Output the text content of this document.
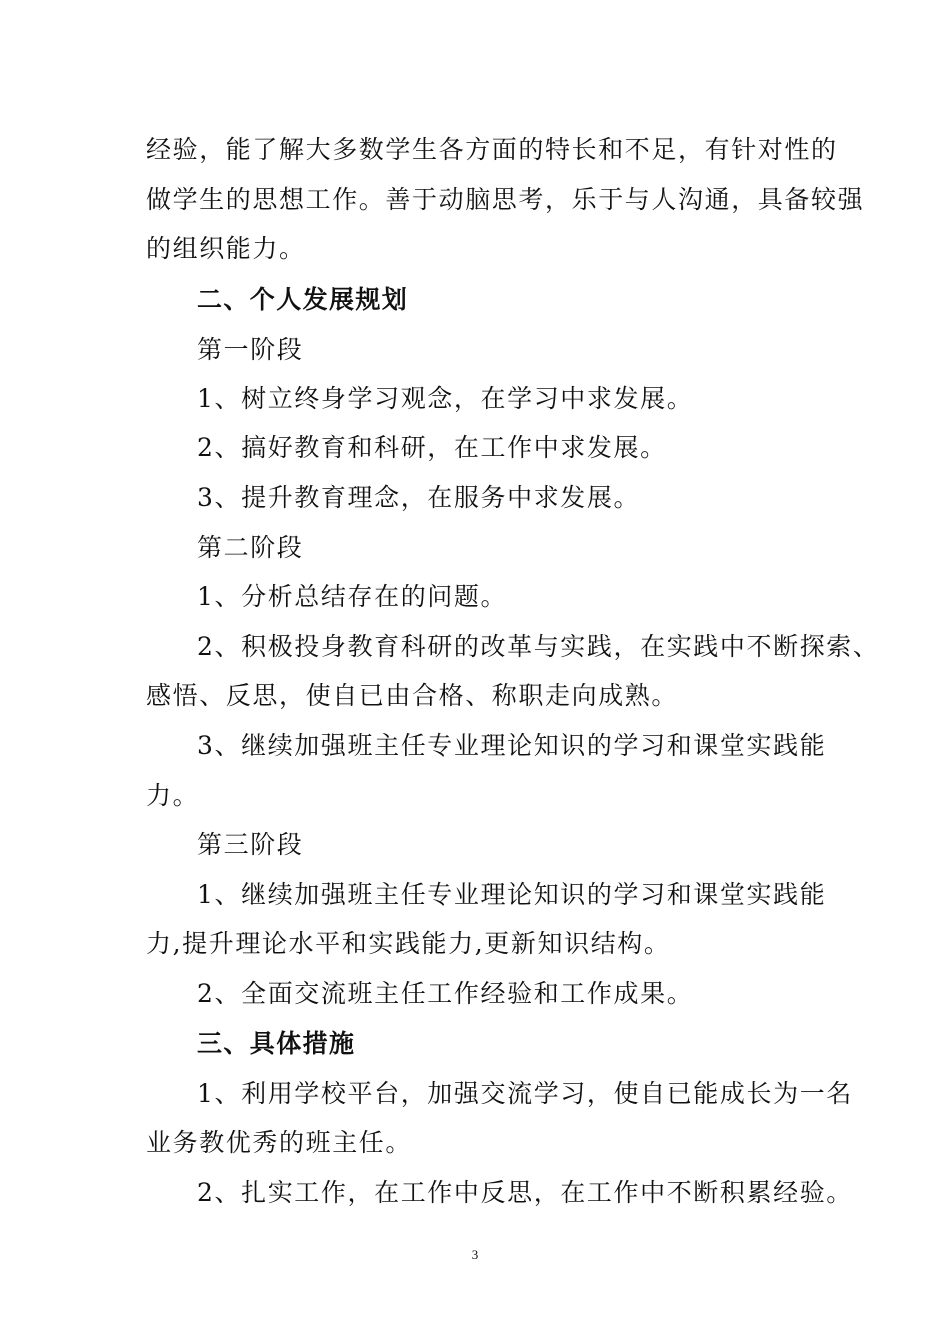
经验，能了解大多数学生各方面的特长和不足，有针对性的
做学生的思想工作。善于动脑思考，乐于与人沟通，具备较强
的组织能力。
二、个人发展规划
第一阶段
1、树立终身学习观念，在学习中求发展。
2、搞好教育和科研，在工作中求发展。
3、提升教育理念，在服务中求发展。
第二阶段
1、分析总结存在的问题。
2、积极投身教育科研的改革与实践，在实践中不断探索、
感悟、反思，使自已由合格、称职走向成熟。
3、继续加强班主任专业理论知识的学习和课堂实践能
力。
第三阶段
1、继续加强班主任专业理论知识的学习和课堂实践能
力,提升理论水平和实践能力,更新知识结构。
2、全面交流班主任工作经验和工作成果。
三、具体措施
1、利用学校平台，加强交流学习，使自已能成长为一名
业务教优秀的班主任。
2、扎实工作，在工作中反思，在工作中不断积累经验。
3
